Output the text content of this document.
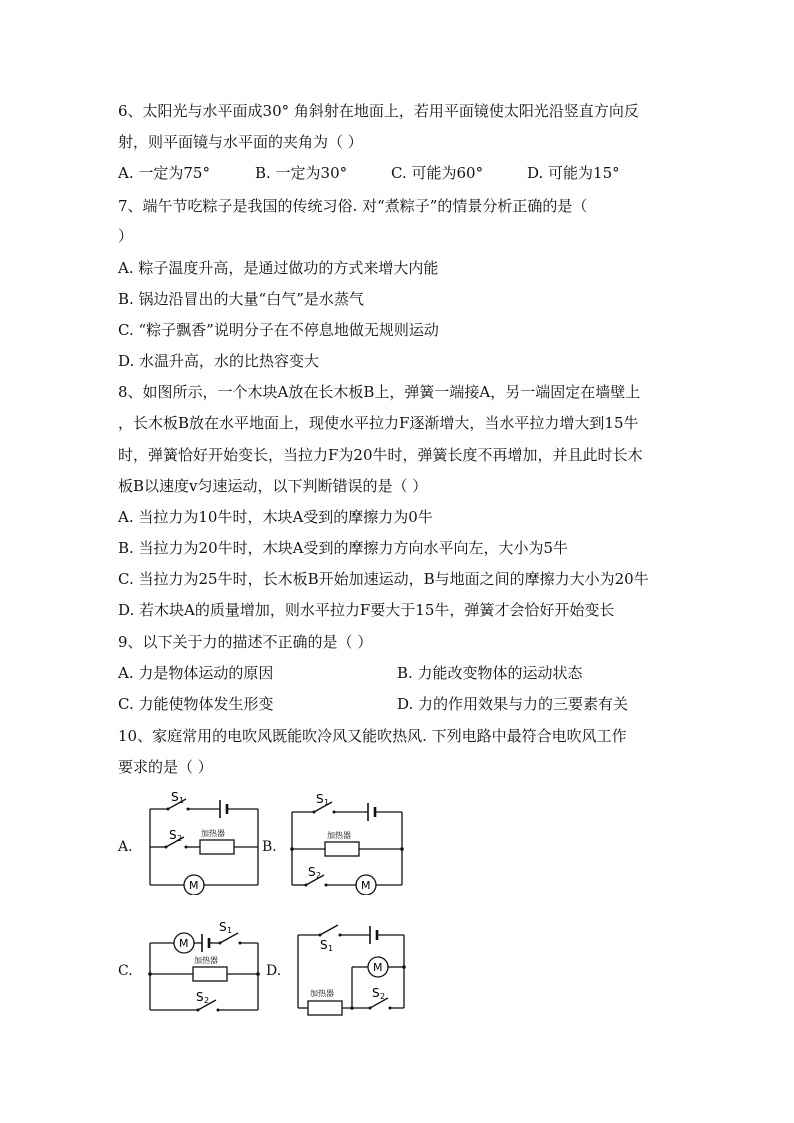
6、太阳光与水平面成30° 角斜射在地面上，若用平面镜使太阳光沿竖直方向反
射，则平面镜与水平面的夹角为（ ）
A. 一定为75°	B. 一定为30°	C. 可能为60°	D. 可能为15°
7、端午节吃粽子是我国的传统习俗. 对“煮粽子”的情景分析正确的是（
）
A. 粽子温度升高，是通过做功的方式来增大内能
B. 锅边沿冒出的大量“白气”是水蒸气
C. “粽子飘香”说明分子在不停息地做无规则运动
D. 水温升高，水的比热容变大
8、如图所示，一个木块A放在长木板B上，弹簧一端接A，另一端固定在墙壁上
，长木板B放在水平地面上，现使水平拉力F逐渐增大，当水平拉力增大到15牛
时，弹簧恰好开始变长，当拉力F为20牛时，弹簧长度不再增加，并且此时长木
板B以速度v匀速运动，以下判断错误的是（ ）
A. 当拉力为10牛时，木块A受到的摩擦力为0牛
B. 当拉力为20牛时，木块A受到的摩擦力方向水平向左，大小为5牛
C. 当拉力为25牛时，长木板B开始加速运动，B与地面之间的摩擦力大小为20牛
D. 若木块A的质量增加，则水平拉力F要大于15牛，弹簧才会恰好开始变长
9、以下关于力的描述不正确的是（ ）
A. 力是物体运动的原因	B. 力能改变物体的运动状态
C. 力能使物体发生形变	D. 力的作用效果与力的三要素有关
10、家庭常用的电吹风既能吹冷风又能吹热风. 下列电路中最符合电吹风工作
要求的是（ ）
A.	B.
C.	D.
S 1
S 2
加热器
M
S 1
加热器
S 2
M
M
S 1
加热器
S 2
S 1
M
加热器	S 2
